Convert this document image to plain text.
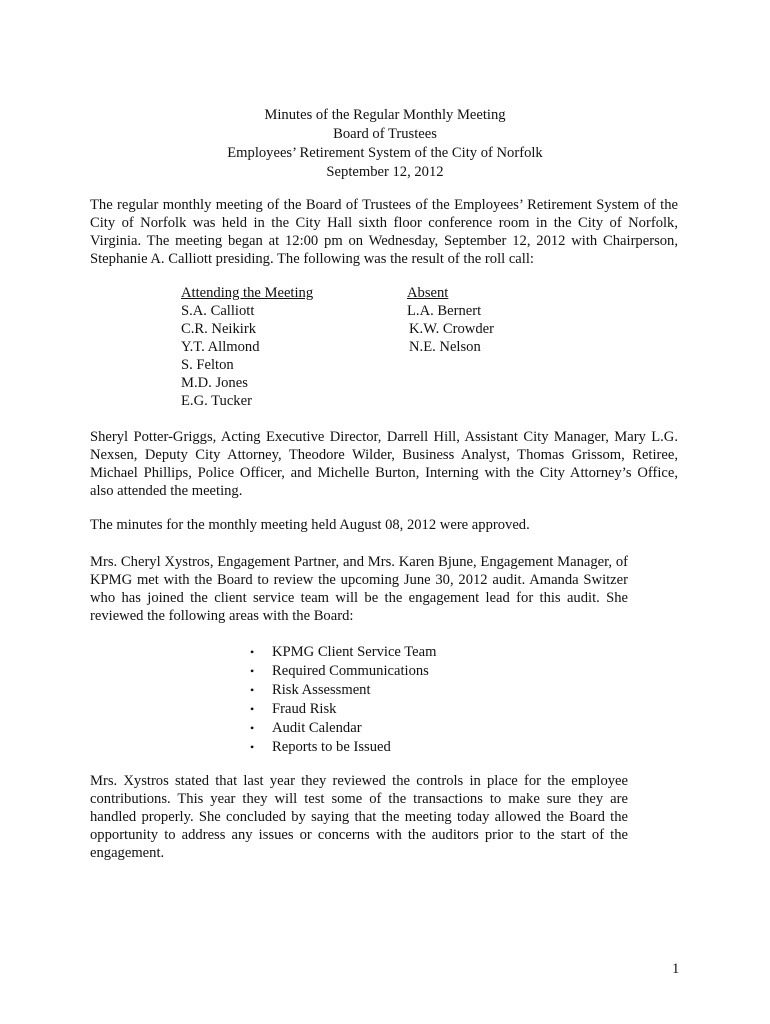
Minutes of the Regular Monthly Meeting
Board of Trustees
Employees’ Retirement System of the City of Norfolk
September 12, 2012

The regular monthly meeting of the Board of Trustees of the Employees’ Retirement System of the City of Norfolk was held in the City Hall sixth floor conference room in the City of Norfolk, Virginia. The meeting began at 12:00 pm on Wednesday, September 12, 2012 with Chairperson, Stephanie A. Calliott presiding. The following was the result of the roll call:

Attending the Meeting
S.A. Calliott
C.R. Neikirk
Y.T. Allmond
S. Felton
M.D. Jones
E.G. Tucker
Absent
L.A. Bernert
K.W. Crowder
N.E. Nelson

Sheryl Potter-Griggs, Acting Executive Director, Darrell Hill, Assistant City Manager, Mary L.G. Nexsen, Deputy City Attorney, Theodore Wilder, Business Analyst, Thomas Grissom, Retiree, Michael Phillips, Police Officer, and Michelle Burton, Interning with the City Attorney’s Office, also attended the meeting.

The minutes for the monthly meeting held August 08, 2012 were approved.

Mrs. Cheryl Xystros, Engagement Partner, and Mrs. Karen Bjune, Engagement Manager, of KPMG met with the Board to review the upcoming June 30, 2012 audit. Amanda Switzer who has joined the client service team will be the engagement lead for this audit. She reviewed the following areas with the Board:

• KPMG Client Service Team
• Required Communications
• Risk Assessment
• Fraud Risk
• Audit Calendar
• Reports to be Issued

Mrs. Xystros stated that last year they reviewed the controls in place for the employee contributions. This year they will test some of the transactions to make sure they are handled properly. She concluded by saying that the meeting today allowed the Board the opportunity to address any issues or concerns with the auditors prior to the start of the engagement.

1
